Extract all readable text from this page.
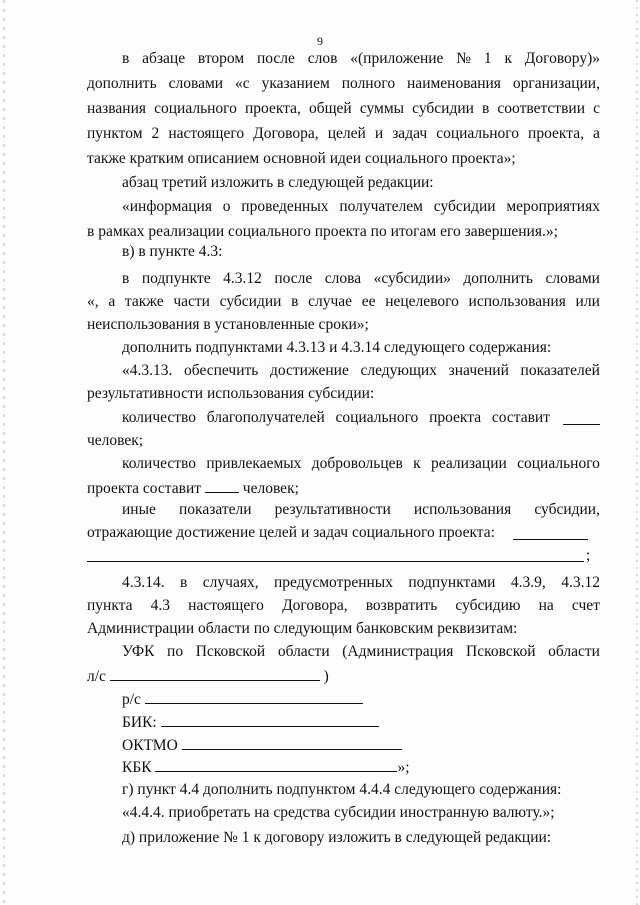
9
в абзаце втором после слов «(приложение № 1 к Договору)»
дополнить словами «с указанием полного наименования организации,
названия социального проекта, общей суммы субсидии в соответствии с
пунктом 2 настоящего Договора, целей и задач социального проекта, а
также кратким описанием основной идеи социального проекта»;
абзац третий изложить в следующей редакции:
«информация о проведенных получателем субсидии мероприятиях
в рамках реализации социального проекта по итогам его завершения.»;
в) в пункте 4.3:
в подпункте 4.3.12 после слова «субсидии» дополнить словами
«, а также части субсидии в случае ее нецелевого использования или
неиспользования в установленные сроки»;
дополнить подпунктами 4.3.13 и 4.3.14 следующего содержания:
«4.3.13. обеспечить достижение следующих значений показателей
результативности использования субсидии:
количество благополучателей социального проекта составит
человек;
количество привлекаемых добровольцев к реализации социального
проекта составит	человек;
иные показатели результативности использования субсидии,
отражающие достижение целей и задач социального проекта:
;
4.3.14. в случаях, предусмотренных подпунктами 4.3.9, 4.3.12
пункта 4.3 настоящего Договора, возвратить субсидию на счет
Администрации области по следующим банковским реквизитам:
УФК по Псковской области (Администрация Псковской области
л/с	)
р/с
БИК:
ОКТМО
КБК	»;
г) пункт 4.4 дополнить подпунктом 4.4.4 следующего содержания:
«4.4.4. приобретать на средства субсидии иностранную валюту.»;
д) приложение № 1 к договору изложить в следующей редакции:
